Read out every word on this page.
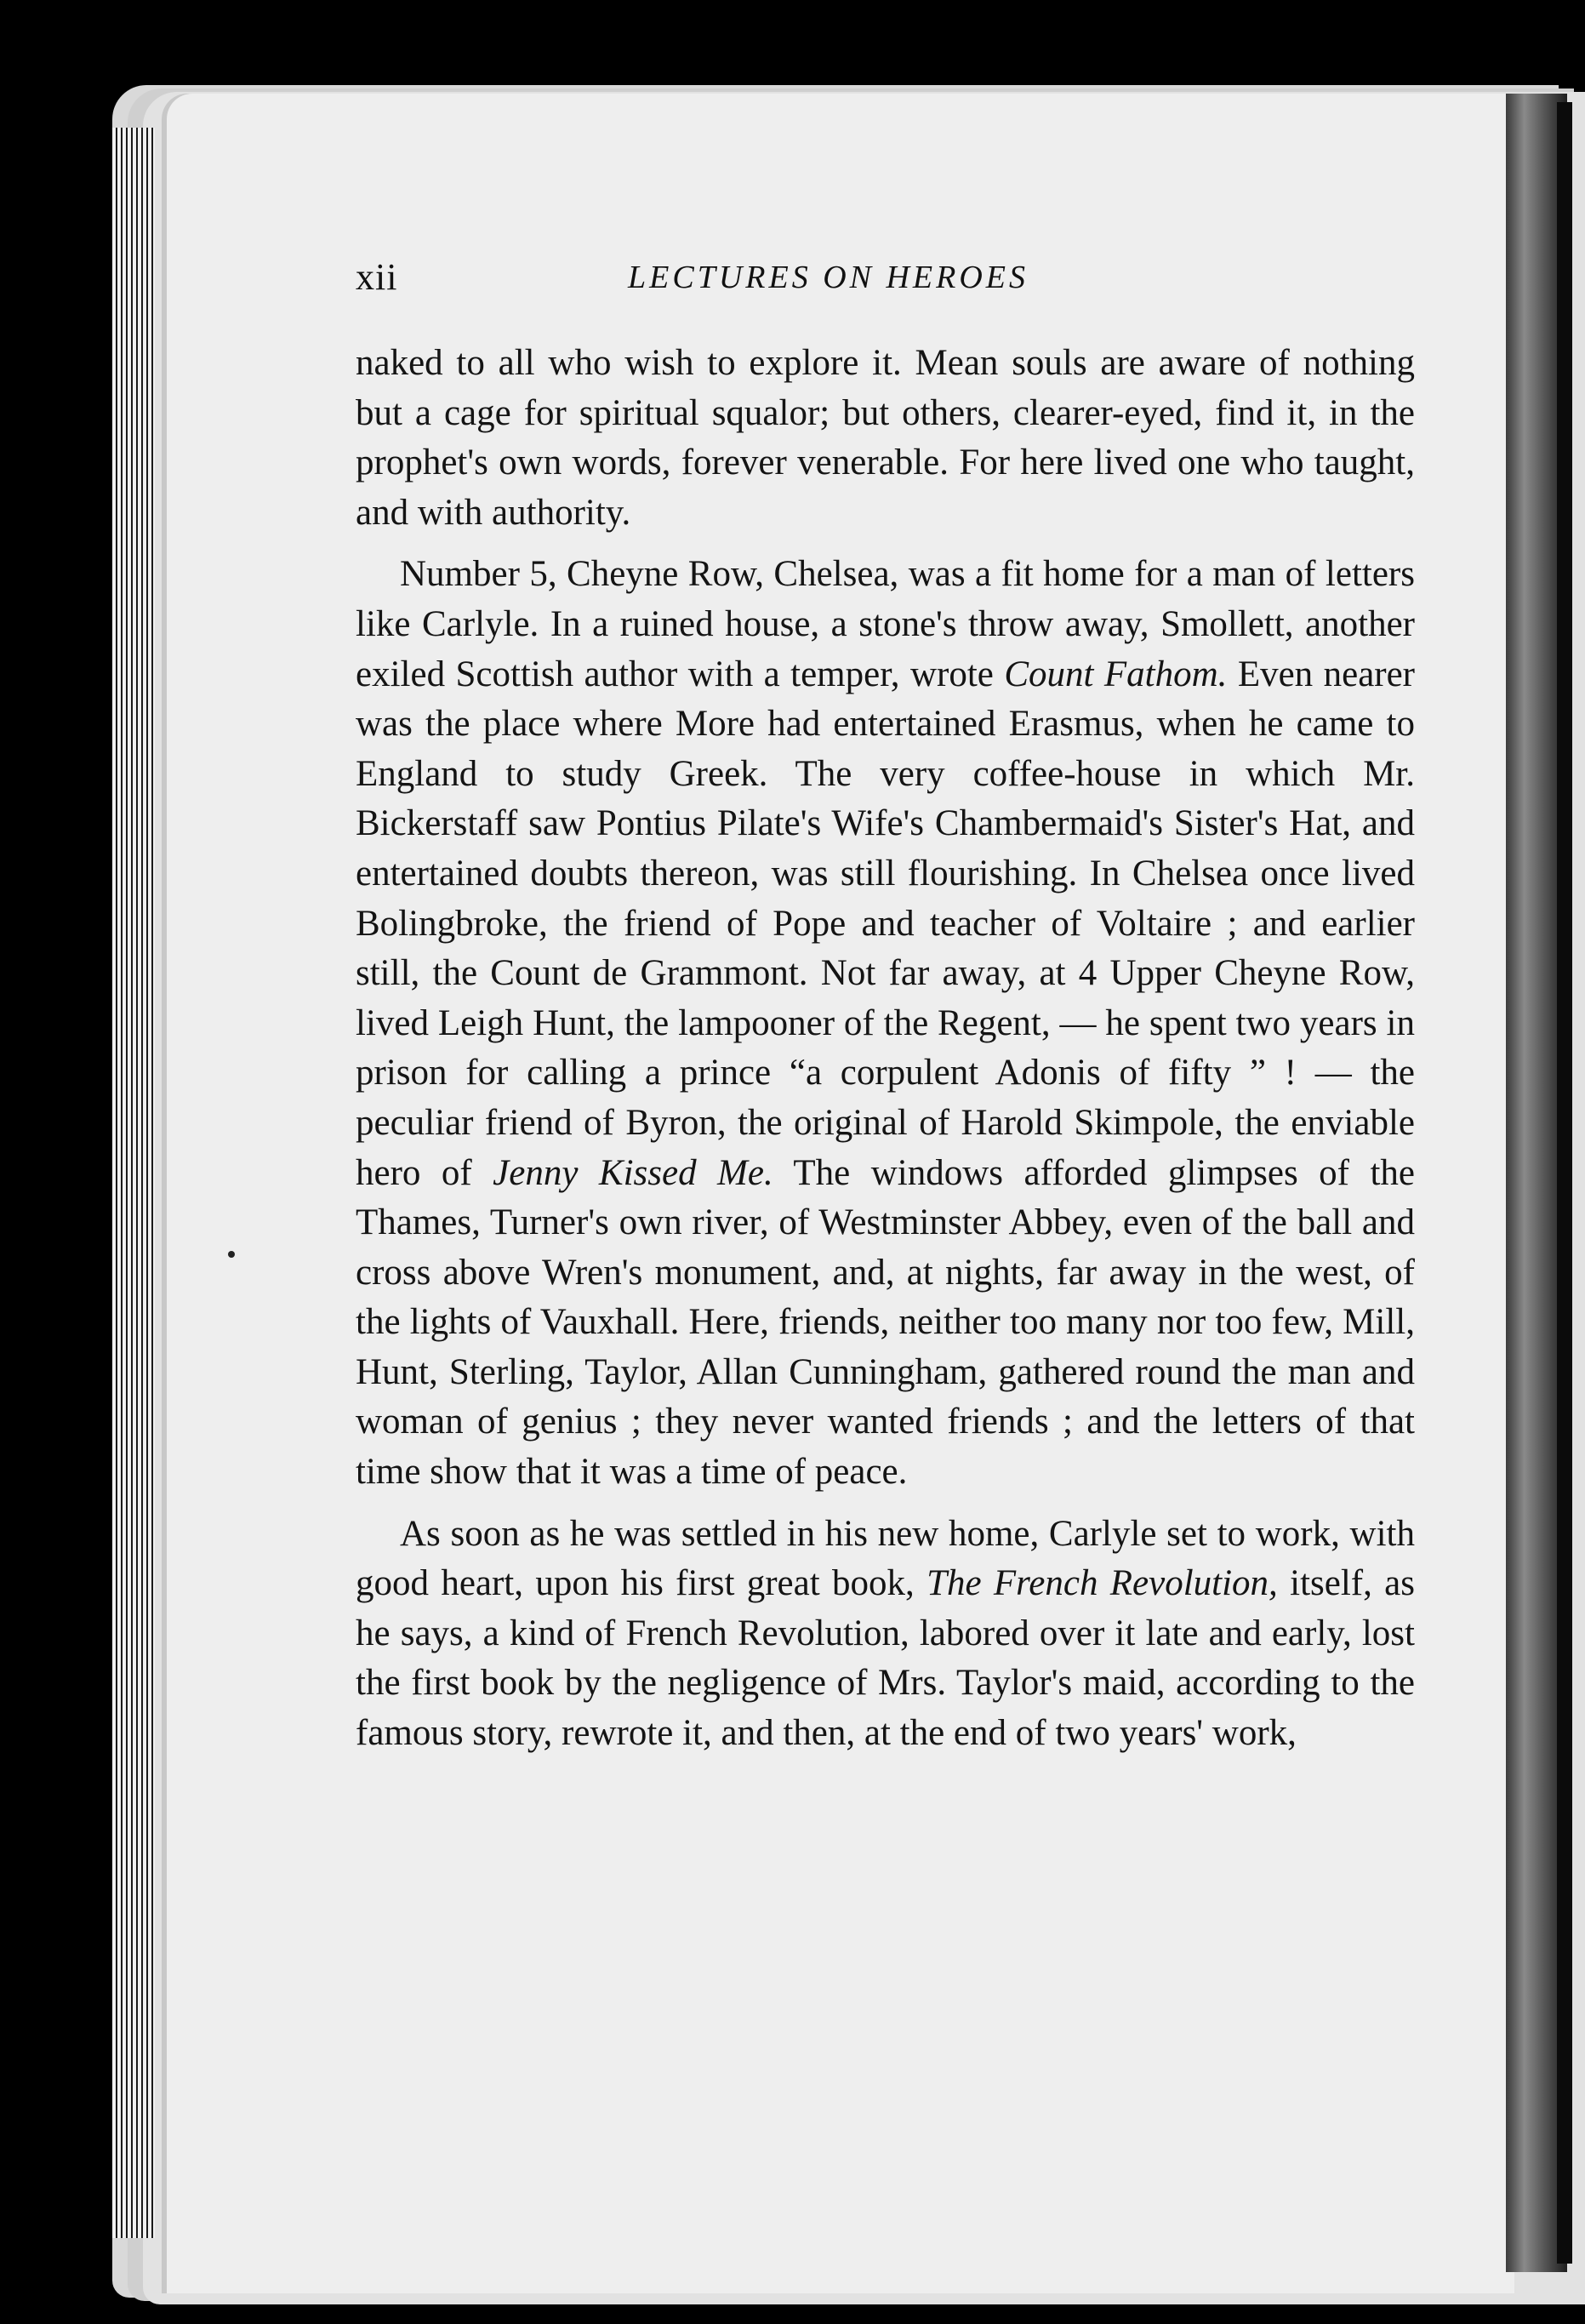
xii	LECTURES ON HEROES

naked to all who wish to explore it. Mean souls are aware of nothing but a cage for spiritual squalor; but others, clearer-eyed, find it, in the prophet's own words, forever venerable. For here lived one who taught, and with authority.

Number 5, Cheyne Row, Chelsea, was a fit home for a man of letters like Carlyle. In a ruined house, a stone's throw away, Smollett, another exiled Scottish author with a temper, wrote Count Fathom. Even nearer was the place where More had entertained Erasmus, when he came to England to study Greek. The very coffee-house in which Mr. Bickerstaff saw Pontius Pilate's Wife's Chambermaid's Sister's Hat, and entertained doubts thereon, was still flourishing. In Chelsea once lived Bolingbroke, the friend of Pope and teacher of Voltaire ; and earlier still, the Count de Grammont. Not far away, at 4 Upper Cheyne Row, lived Leigh Hunt, the lampooner of the Regent, — he spent two years in prison for calling a prince “a corpulent Adonis of fifty ” ! — the peculiar friend of Byron, the original of Harold Skimpole, the enviable hero of Jenny Kissed Me. The windows afforded glimpses of the Thames, Turner's own river, of Westminster Abbey, even of the ball and cross above Wren's monument, and, at nights, far away in the west, of the lights of Vauxhall. Here, friends, neither too many nor too few, Mill, Hunt, Sterling, Taylor, Allan Cunningham, gathered round the man and woman of genius ; they never wanted friends ; and the letters of that time show that it was a time of peace.

As soon as he was settled in his new home, Carlyle set to work, with good heart, upon his first great book, The French Revolution, itself, as he says, a kind of French Revolution, labored over it late and early, lost the first book by the negligence of Mrs. Taylor's maid, according to the famous story, rewrote it, and then, at the end of two years' work,
